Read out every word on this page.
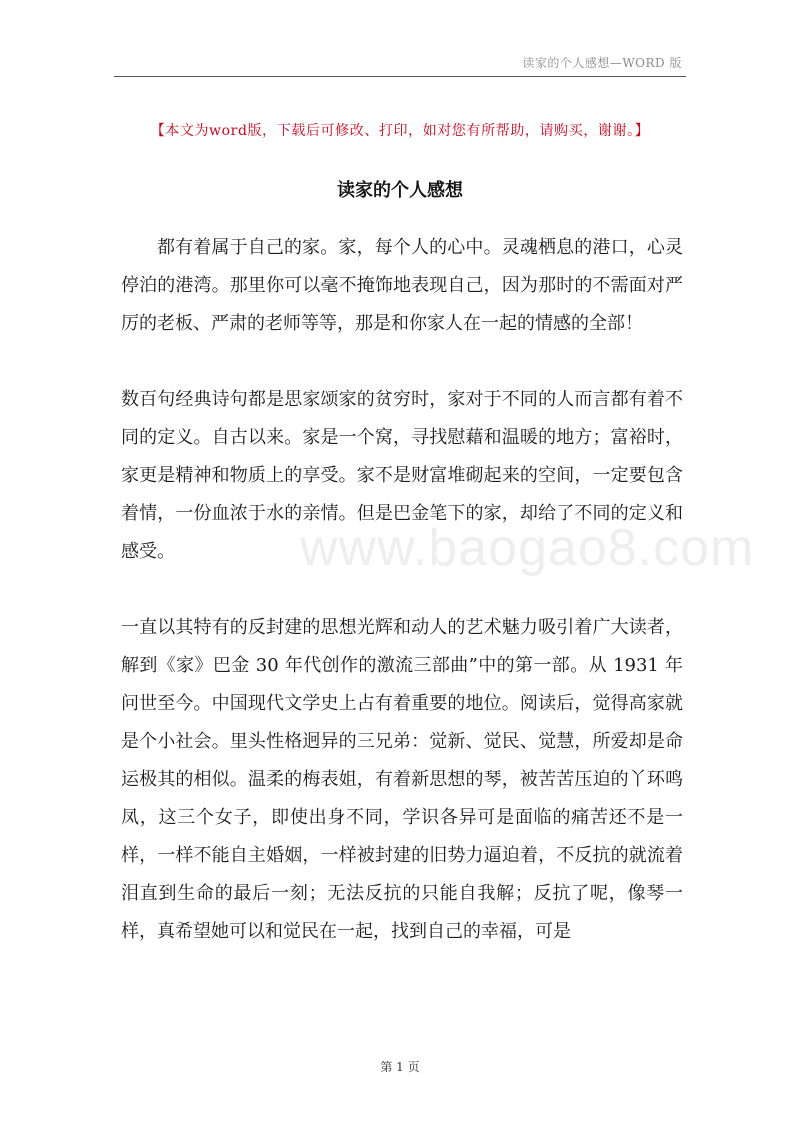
读家的个人感想—WORD 版
【本文为word版，下载后可修改、打印，如对您有所帮助，请购买，谢谢。】
读家的个人感想

都有着属于自己的家。家，每个人的心中。灵魂栖息的港口，心灵停泊的港湾。那里你可以毫不掩饰地表现自己，因为那时的不需面对严厉的老板、严肃的老师等等，那是和你家人在一起的情感的全部！

数百句经典诗句都是思家颂家的贫穷时，家对于不同的人而言都有着不同的定义。自古以来。家是一个窝，寻找慰藉和温暖的地方；富裕时，家更是精神和物质上的享受。家不是财富堆砌起来的空间，一定要包含着情，一份血浓于水的亲情。但是巴金笔下的家，却给了不同的定义和感受。

一直以其特有的反封建的思想光辉和动人的艺术魅力吸引着广大读者，解到《家》巴金 30 年代创作的激流三部曲”中的第一部。从 1931 年问世至今。中国现代文学史上占有着重要的地位。阅读后，觉得高家就是个小社会。里头性格迥异的三兄弟：觉新、觉民、觉慧，所爱却是命运极其的相似。温柔的梅表姐，有着新思想的琴，被苦苦压迫的丫环鸣凤，这三个女子，即使出身不同，学识各异可是面临的痛苦还不是一样，一样不能自主婚姻，一样被封建的旧势力逼迫着，不反抗的就流着泪直到生命的最后一刻；无法反抗的只能自我解；反抗了呢，像琴一样，真希望她可以和觉民在一起，找到自己的幸福，可是

www.baogao8.com
第 1 页
